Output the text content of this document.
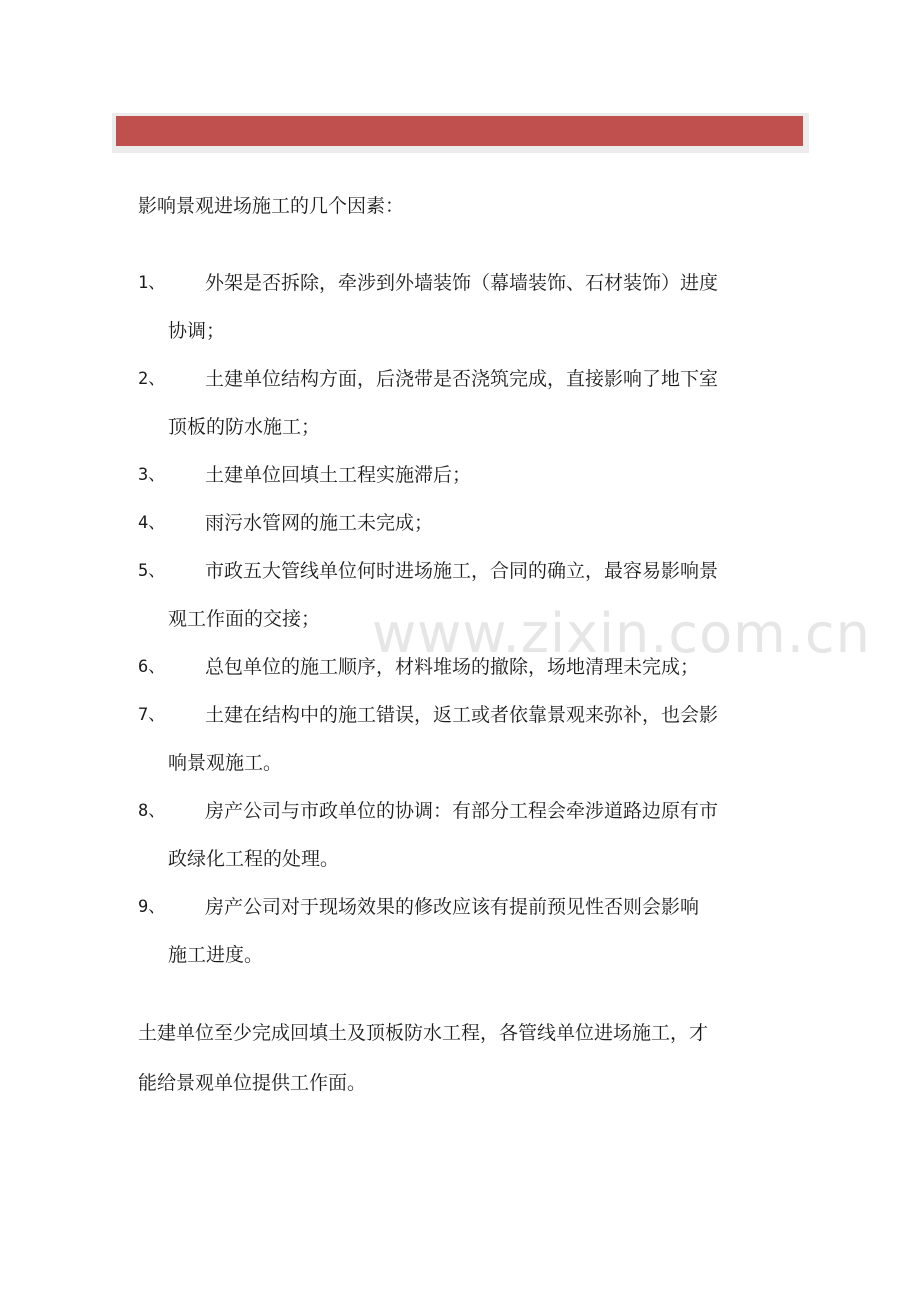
影响景观进场施工的几个因素：
1、	外架是否拆除，牵涉到外墙装饰（幕墙装饰、石材装饰）进度
协调；
2、	土建单位结构方面，后浇带是否浇筑完成，直接影响了地下室
顶板的防水施工；
3、	土建单位回填土工程实施滞后；
4、	雨污水管网的施工未完成；
5、	市政五大管线单位何时进场施工，合同的确立，最容易影响景
观工作面的交接；
6、	总包单位的施工顺序，材料堆场的撤除，场地清理未完成；
7、	土建在结构中的施工错误，返工或者依靠景观来弥补，也会影
响景观施工。
8、	房产公司与市政单位的协调：有部分工程会牵涉道路边原有市
政绿化工程的处理。
9、	房产公司对于现场效果的修改应该有提前预见性否则会影响
施工进度。
土建单位至少完成回填土及顶板防水工程，各管线单位进场施工，才
能给景观单位提供工作面。
www.zixin.com.cn
